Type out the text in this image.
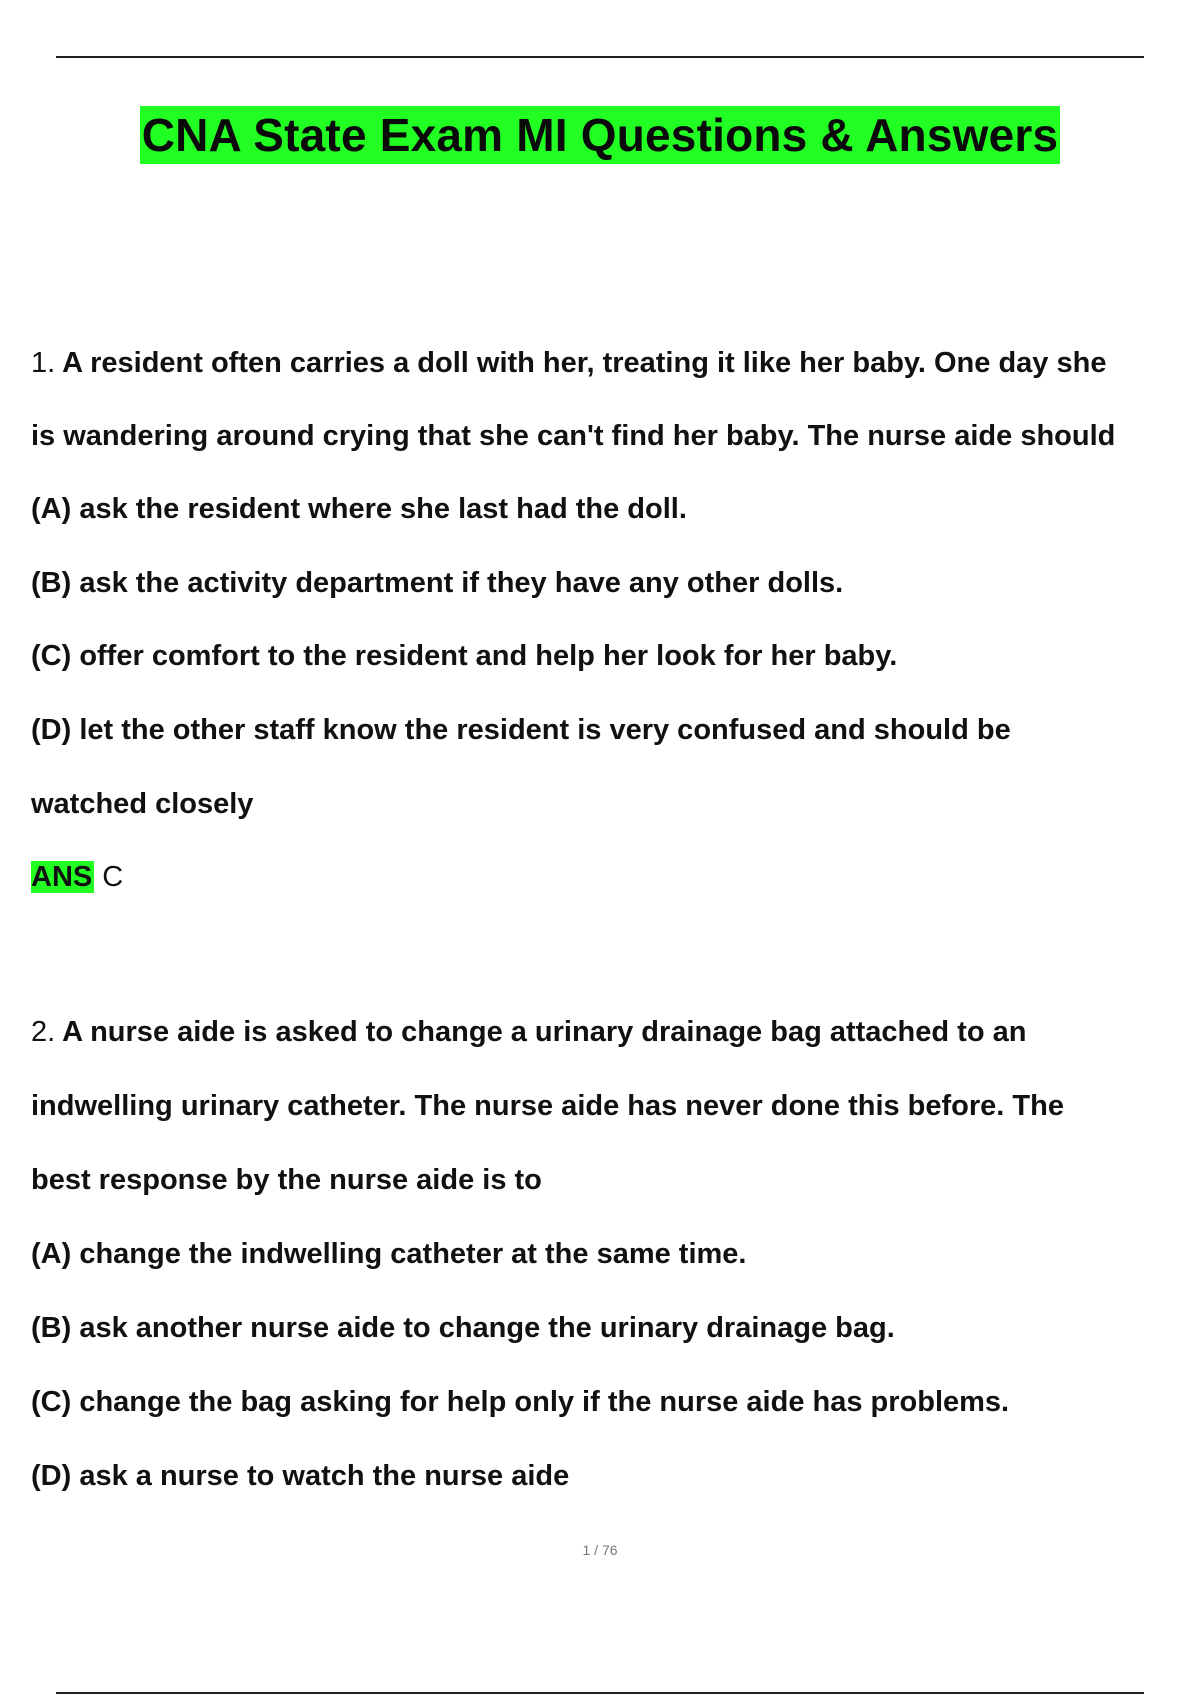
CNA State Exam MI Questions & Answers
1. A resident often carries a doll with her, treating it like her baby. One day she
is wandering around crying that she can't find her baby. The nurse aide should
(A) ask the resident where she last had the doll.
(B) ask the activity department if they have any other dolls.
(C) offer comfort to the resident and help her look for her baby.
(D) let the other staff know the resident is very confused and should be
watched closely
ANS C
2. A nurse aide is asked to change a urinary drainage bag attached to an
indwelling urinary catheter. The nurse aide has never done this before. The
best response by the nurse aide is to
(A) change the indwelling catheter at the same time.
(B) ask another nurse aide to change the urinary drainage bag.
(C) change the bag asking for help only if the nurse aide has problems.
(D) ask a nurse to watch the nurse aide
1 / 76
